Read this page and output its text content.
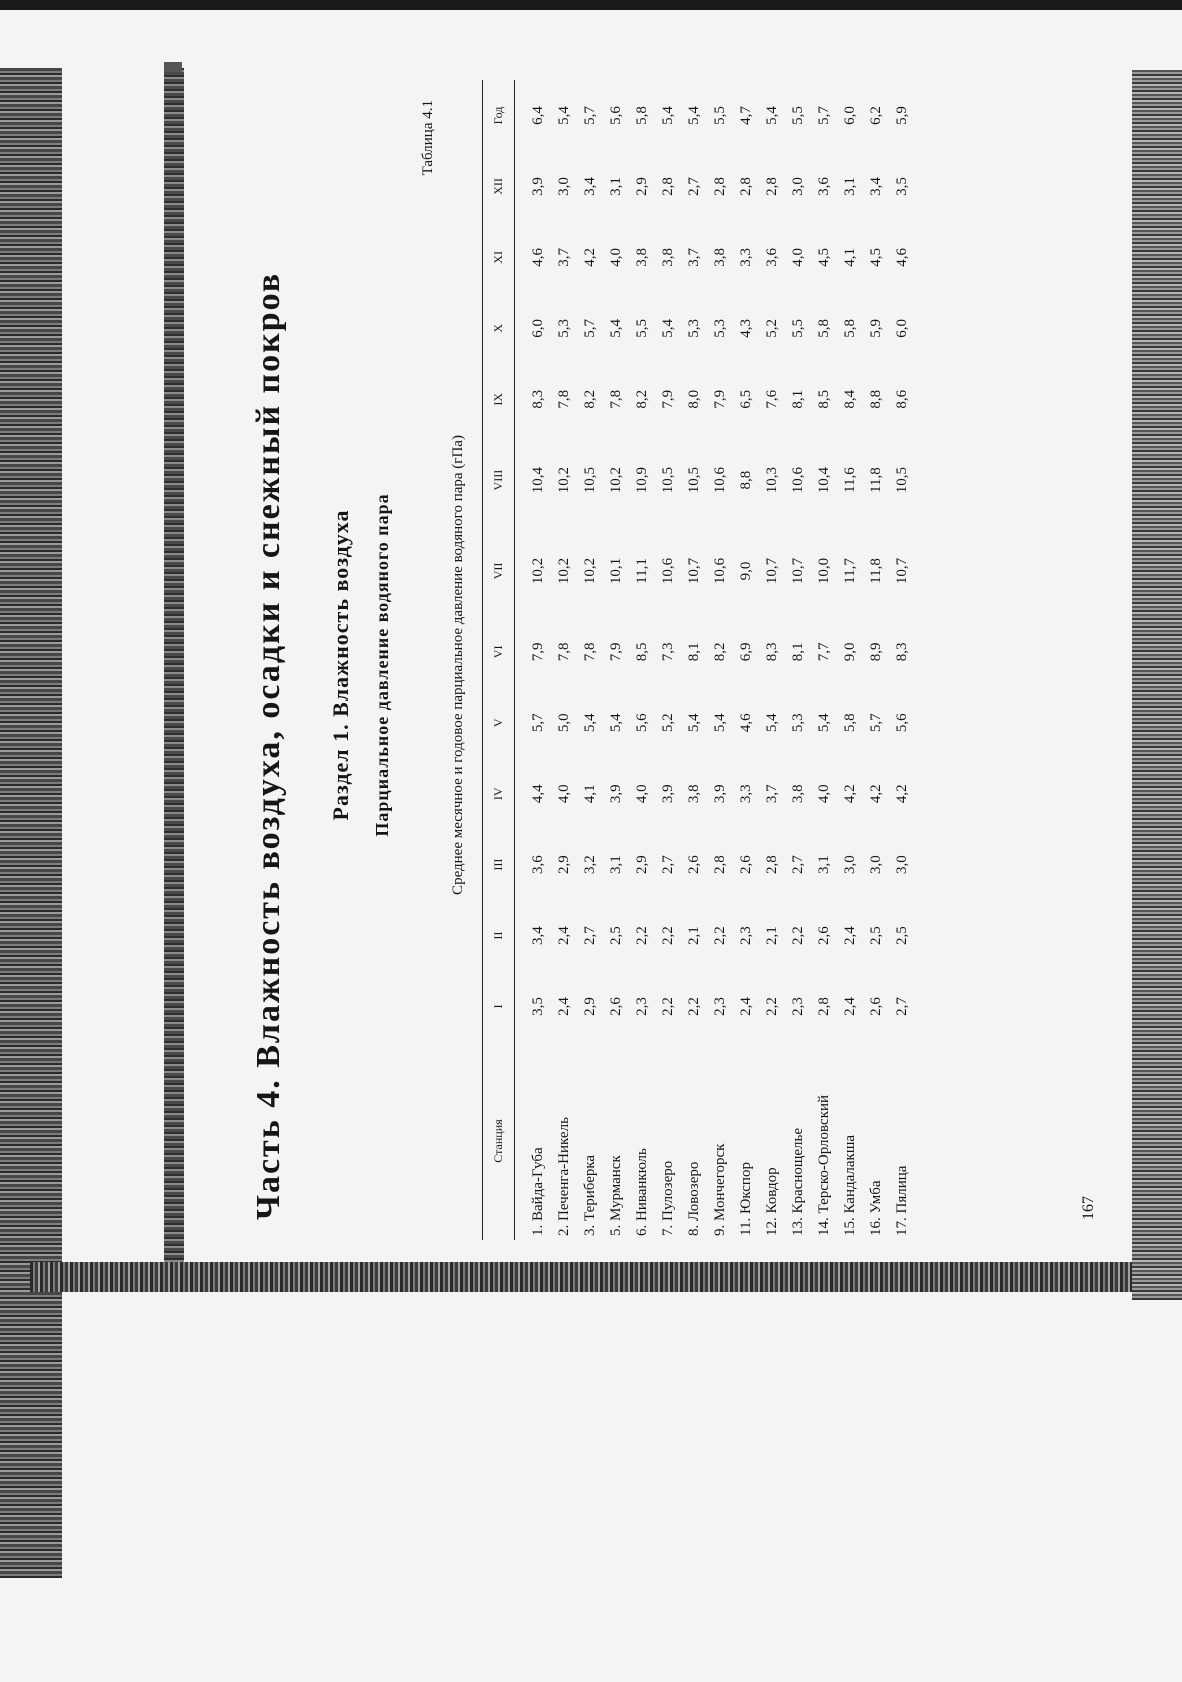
Часть 4. Влажность воздуха, осадки и снежный покров Раздел 1. Влажность воздуха Парциальное давление водяного пара
Таблица 4.1
Среднее месячное и годовое парциальное давление водяного пара (гПа)
Станция	I	II	III	IV	V	VI	VII	VIII	IX	X	XI	XII	Год
1. Вайда-Губа	3,5	3,4	3,6	4,4	5,7	7,9	10,2	10,4	8,3	6,0	4,6	3,9	6,4
2. Печенга-Никель	2,4	2,4	2,9	4,0	5,0	7,8	10,2	10,2	7,8	5,3	3,7	3,0	5,4
3. Териберка	2,9	2,7	3,2	4,1	5,4	7,8	10,2	10,5	8,2	5,7	4,2	3,4	5,7
5. Мурманск	2,6	2,5	3,1	3,9	5,4	7,9	10,1	10,2	7,8	5,4	4,0	3,1	5,6
6. Ниванкюль	2,3	2,2	2,9	4,0	5,6	8,5	11,1	10,9	8,2	5,5	3,8	2,9	5,8
7. Пулозеро	2,2	2,2	2,7	3,9	5,2	7,3	10,6	10,5	7,9	5,4	3,8	2,8	5,4
8. Ловозеро	2,2	2,1	2,6	3,8	5,4	8,1	10,7	10,5	8,0	5,3	3,7	2,7	5,4
9. Мончегорск	2,3	2,2	2,8	3,9	5,4	8,2	10,6	10,6	7,9	5,3	3,8	2,8	5,5
11. Юкспор	2,4	2,3	2,6	3,3	4,6	6,9	9,0	8,8	6,5	4,3	3,3	2,8	4,7
12. Ковдор	2,2	2,1	2,8	3,7	5,4	8,3	10,7	10,3	7,6	5,2	3,6	2,8	5,4
13. Краснощелье	2,3	2,2	2,7	3,8	5,3	8,1	10,7	10,6	8,1	5,5	4,0	3,0	5,5
14. Терско-Орловский	2,8	2,6	3,1	4,0	5,4	7,7	10,0	10,4	8,5	5,8	4,5	3,6	5,7
15. Кандалакша	2,4	2,4	3,0	4,2	5,8	9,0	11,7	11,6	8,4	5,8	4,1	3,1	6,0
16. Умба	2,6	2,5	3,0	4,2	5,7	8,9	11,8	11,8	8,8	5,9	4,5	3,4	6,2
17. Пялица	2,7	2,5	3,0	4,2	5,6	8,3	10,7	10,5	8,6	6,0	4,6	3,5	5,9
167
